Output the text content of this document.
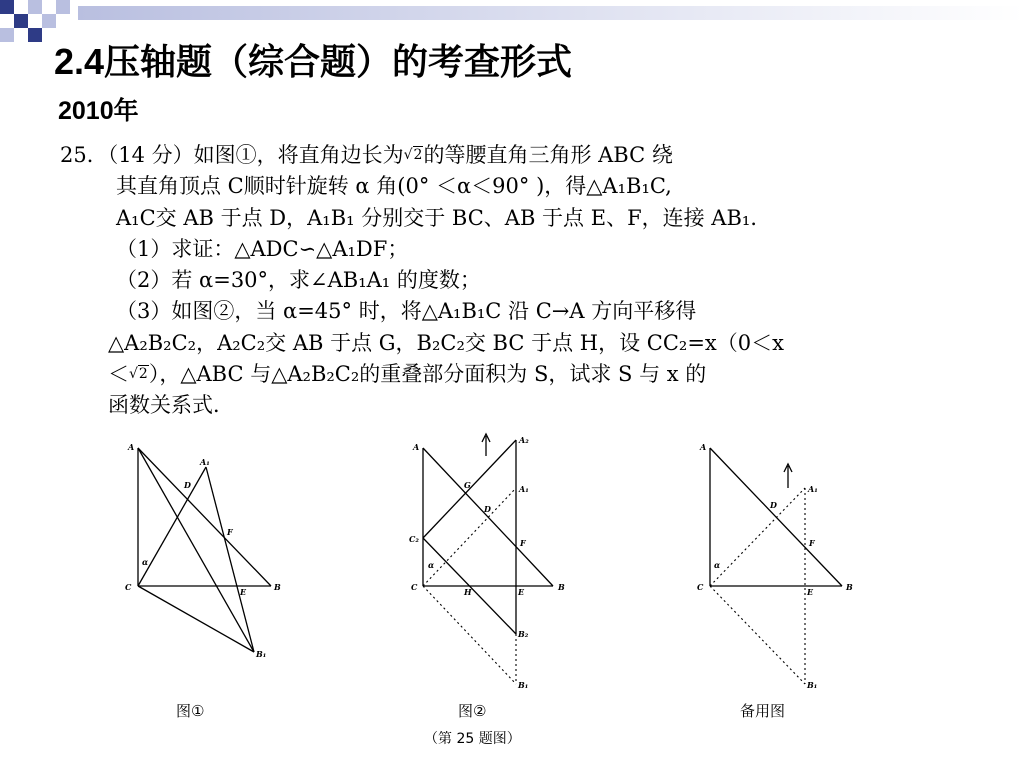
2.4压轴题（综合题）的考查形式
2010年
25．（14 分）如图①，将直角边长为√2的等腰直角三角形 ABC 绕
其直角顶点 C顺时针旋转 α 角(0° ＜α＜90° )，得△A₁B₁C,
A₁C交 AB 于点 D，A₁B₁ 分别交于 BC、AB 于点 E、F，连接 AB₁．
（1）求证：△ADC∽△A₁DF；
（2）若 α=30°，求∠AB₁A₁ 的度数；
（3）如图②，当 α=45° 时，将△A₁B₁C 沿 C→A 方向平移得
△A₂B₂C₂，A₂C₂交 AB 于点 G，B₂C₂交 BC 于点 H，设 CC₂=x（0＜x
＜√2），△ABC 与△A₂B₂C₂的重叠部分面积为 S，试求 S 与 x 的
函数关系式．
A
A₁
D
F
α
C	E	B
B₁
图①
A
A₂
A₁
G
D
C₂	F
α
C	H	E	B
B₂
B₁
图②
（第 25 题图）
A
A₁
D
F
α
C	E	B
B₁
备用图
